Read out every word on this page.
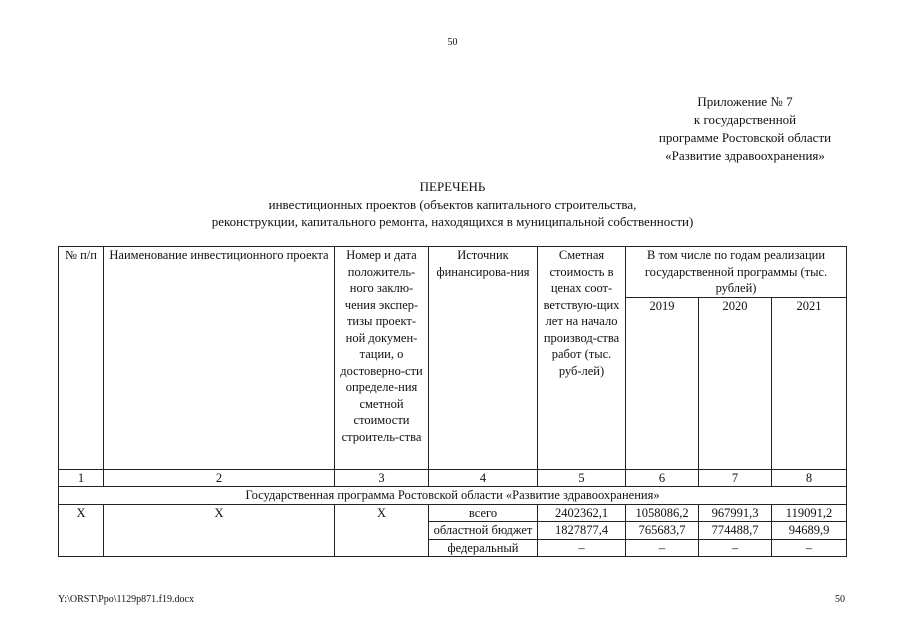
50
Приложение № 7
к государственной
программе Ростовской области
«Развитие здравоохранения»
ПЕРЕЧЕНЬ
инвестиционных проектов (объектов капитального строительства,
реконструкции, капитального ремонта, находящихся в муниципальной собственности)
№ п/п	Наименование инвестиционного проекта	Номер и дата положитель-ного заклю-чения экспер-тизы проект-ной докумен-тации, о достоверно-сти определе-ния сметной стоимости строитель-ства	Источник финансирова-ния	Сметная стоимость в ценах соот-ветствую-щих лет на начало производ-ства работ (тыс. руб-лей)	В том числе по годам реализации государственной программы (тыс. рублей)		
					2019	2020	2021
1	2	3	4	5	6	7	8
Государственная программа Ростовской области «Развитие здравоохранения»							
Х	Х	Х	всего	2402362,1	1058086,2	967991,3	119091,2
			областной бюджет	1827877,4	765683,7	774488,7	94689,9
			федеральный	–	–	–	–
Y:\ORST\Ppo\1129p871.f19.docx	50
